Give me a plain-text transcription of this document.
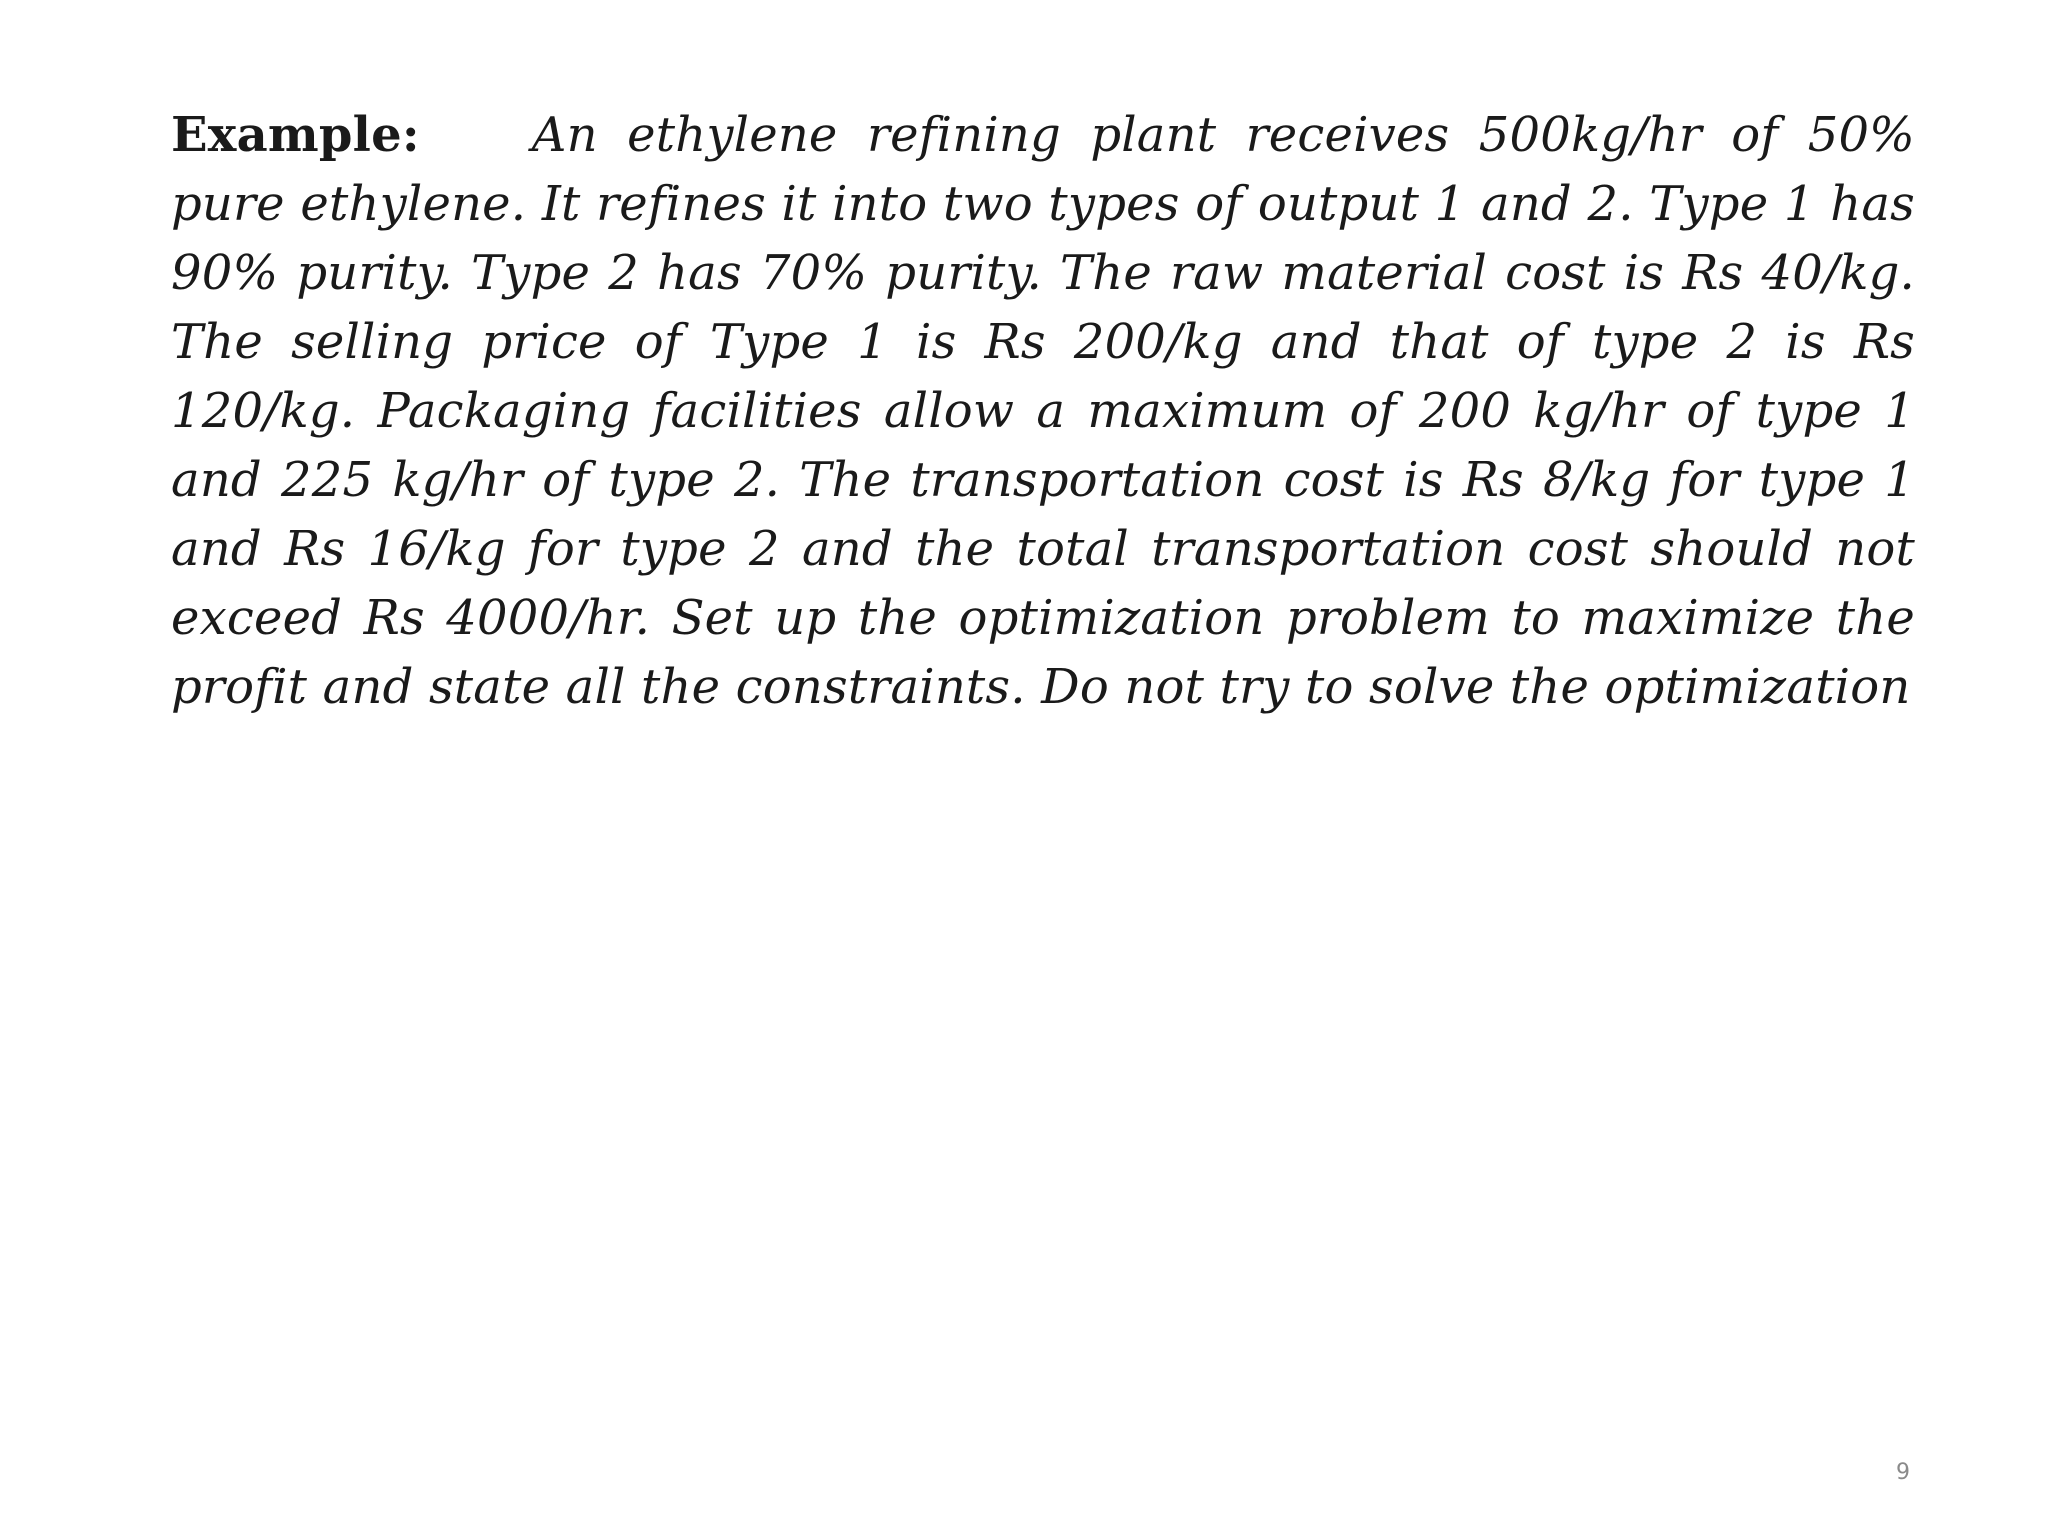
Example: An ethylene refining plant receives 500kg/hr of 50% pure ethylene. It refines it into two types of output 1 and 2. Type 1 has 90% purity. Type 2 has 70% purity. The raw material cost is Rs 40/kg. The selling price of Type 1 is Rs 200/kg and that of type 2 is Rs 120/kg. Packaging facilities allow a maximum of 200 kg/hr of type 1 and 225 kg/hr of type 2. The transportation cost is Rs 8/kg for type 1 and Rs 16/kg for type 2 and the total transportation cost should not exceed Rs 4000/hr. Set up the optimization problem to maximize the profit and state all the constraints. Do not try to solve the optimization

9
